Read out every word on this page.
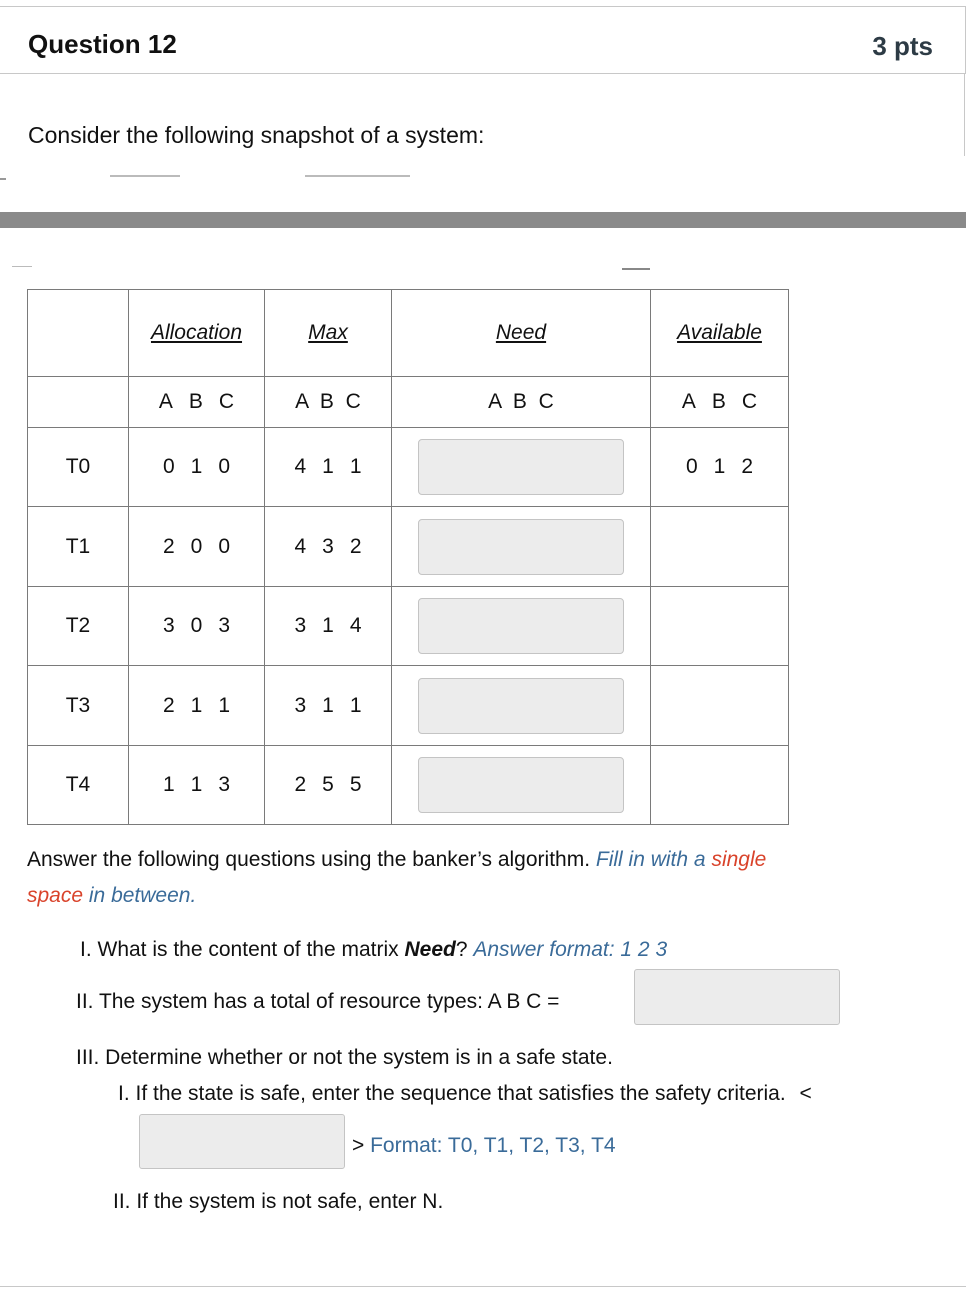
Question 12	3 pts
Consider the following snapshot of a system:
	Allocation	Max	Need	Available

	A B C	A B C	A B C	A B C

T0	0 1 0	4 1 1		0 1 2

T1	2 0 0	4 3 2		

T2	3 0 3	3 1 4		

T3	2 1 1	3 1 1		

T4	1 1 3	2 5 5		

Answer the following questions using the banker’s algorithm. Fill in with a single
space in between.
I. What is the content of the matrix Need? Answer format: 1 2 3
II. The system has a total of resource types: A B C =
III. Determine whether or not the system is in a safe state.
I. If the state is safe, enter the sequence that satisfies the safety criteria. <
> Format: T0, T1, T2, T3, T4
II. If the system is not safe, enter N.
